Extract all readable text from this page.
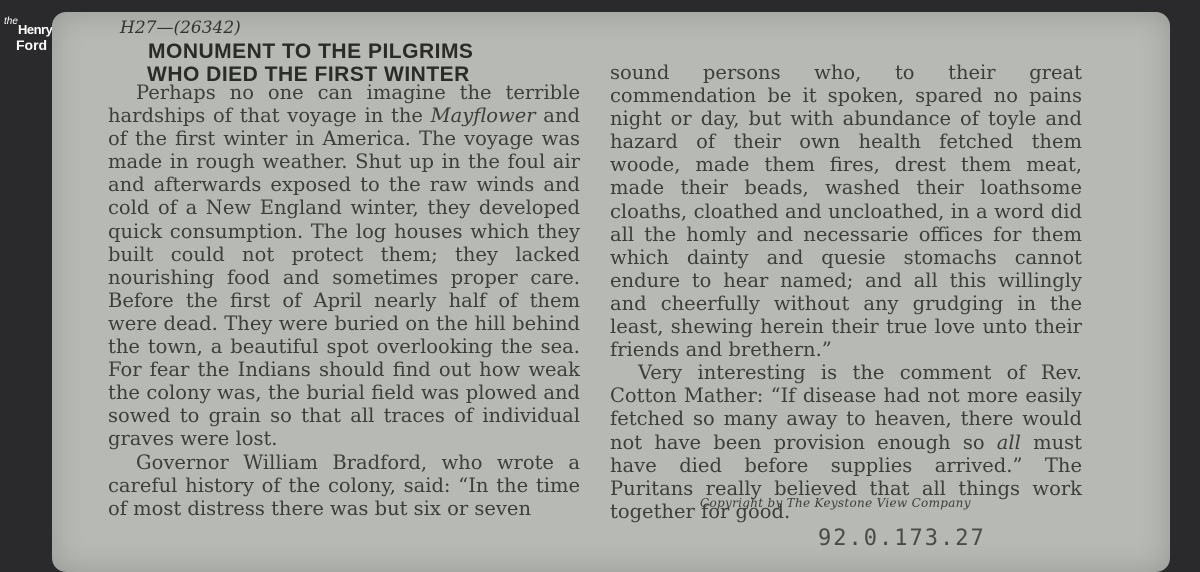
the
Henry
Ford
H27—(26342)
MONUMENT TO THE PILGRIMS
WHO DIED THE FIRST WINTER

Perhaps no one can imagine the terrible hardships of that voyage in the Mayflower and of the first winter in America. The voyage was made in rough weather. Shut up in the foul air and afterwards exposed to the raw winds and cold of a New England winter, they developed quick consumption. The log houses which they built could not protect them; they lacked nourishing food and sometimes proper care. Before the first of April nearly half of them were dead. They were buried on the hill behind the town, a beautiful spot overlooking the sea. For fear the Indians should find out how weak the colony was, the burial field was plowed and sowed to grain so that all traces of individual graves were lost.

Governor William Bradford, who wrote a careful history of the colony, said: “In the time of most distress there was but six or seven

sound persons who, to their great commendation be it spoken, spared no pains night or day, but with abundance of toyle and hazard of their own health fetched them woode, made them fires, drest them meat, made their beads, washed their loathsome cloaths, cloathed and uncloathed, in a word did all the homly and necessarie offices for them which dainty and quesie stomachs cannot endure to hear named; and all this willingly and cheerfully without any grudging in the least, shewing herein their true love unto their friends and brethern.”

Very interesting is the comment of Rev. Cotton Mather: “If disease had not more easily fetched so many away to heaven, there would not have been provision enough so all must have died before supplies arrived.” The Puritans really believed that all things work together for good.

Copyright by The Keystone View Company
92.0.173.27
